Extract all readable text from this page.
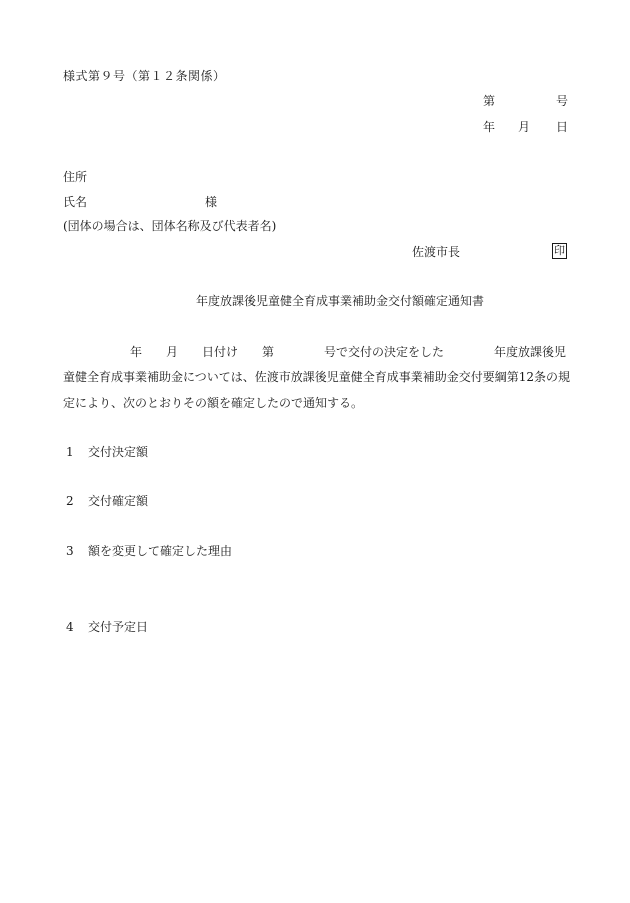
様式第９号（第１２条関係）
第	号
年 月 日
住所
氏名	様
(団体の場合は、団体名称及び代表者名)
佐渡市長	印
年度放課後児童健全育成事業補助金交付額確定通知書
年 月 日付け 第	号で交付の決定をした	年度放課後児
童健全育成事業補助金については、佐渡市放課後児童健全育成事業補助金交付要綱第12条の規
定により、次のとおりその額を確定したので通知する。
1 交付決定額
2 交付確定額
3 額を変更して確定した理由
4 交付予定日
